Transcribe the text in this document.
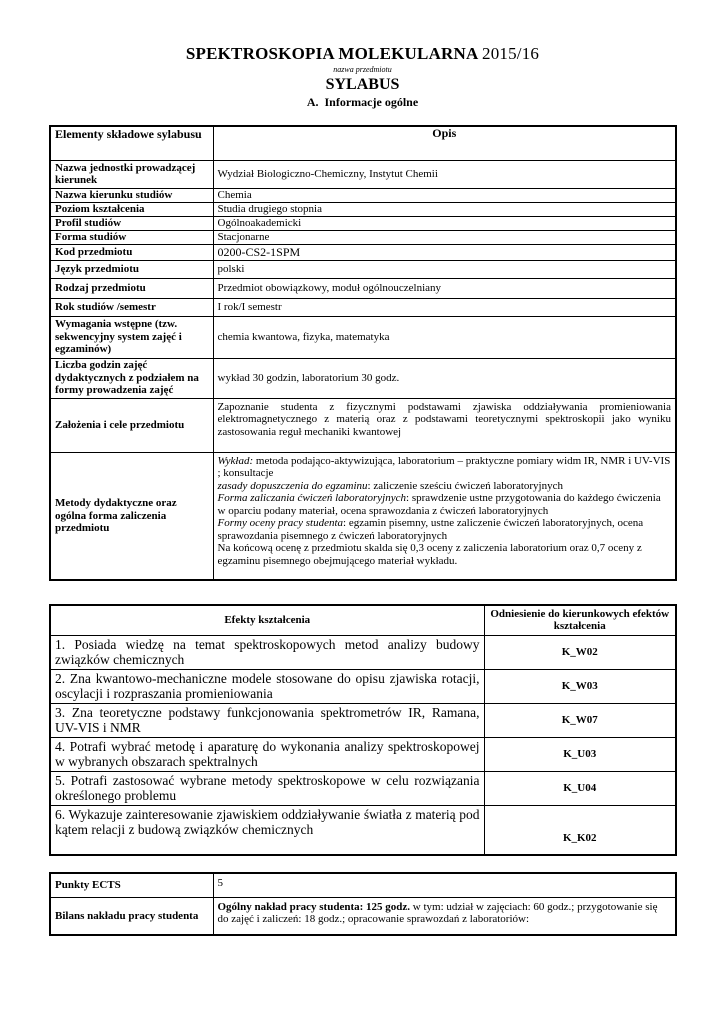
SPEKTROSKOPIA MOLEKULARNA 2015/16
nazwa przedmiotu
SYLABUS
A.  Informacje ogólne
Elementy składowe sylabusu	Opis
Nazwa jednostki prowadzącej kierunek	Wydział Biologiczno-Chemiczny, Instytut Chemii
Nazwa kierunku studiów	Chemia
Poziom kształcenia	Studia drugiego stopnia
Profil studiów	Ogólnoakademicki
Forma studiów	Stacjonarne
Kod przedmiotu	0200-CS2-1SPM
Język przedmiotu	polski
Rodzaj przedmiotu	Przedmiot obowiązkowy, moduł ogólnouczelniany
Rok studiów /semestr	I rok/I semestr
Wymagania wstępne (tzw. sekwencyjny system zajęć i egzaminów)	chemia kwantowa, fizyka, matematyka
Liczba godzin zajęć dydaktycznych z podziałem na formy prowadzenia zajęć	wykład 30 godzin, laboratorium 30 godz.
Założenia i cele przedmiotu	Zapoznanie studenta z fizycznymi podstawami zjawiska oddziaływania promieniowania elektromagnetycznego z materią oraz z podstawami teoretycznymi spektroskopii jako wyniku zastosowania reguł mechaniki kwantowej
Metody dydaktyczne oraz ogólna forma zaliczenia przedmiotu	Wykład: metoda podająco-aktywizująca, laboratorium – praktyczne pomiary widm IR, NMR i UV-VIS ; konsultacje
zasady dopuszczenia do egzaminu: zaliczenie sześciu ćwiczeń laboratoryjnych
Forma zaliczania ćwiczeń laboratoryjnych: sprawdzenie ustne przygotowania do każdego ćwiczenia w oparciu podany materiał, ocena sprawozdania z ćwiczeń laboratoryjnych
Formy oceny pracy studenta: egzamin pisemny, ustne zaliczenie ćwiczeń laboratoryjnych, ocena sprawozdania pisemnego z ćwiczeń laboratoryjnych
Na końcową ocenę z przedmiotu skalda się 0,3 oceny z zaliczenia laboratorium oraz 0,7 oceny z egzaminu pisemnego obejmującego materiał wykładu.
Efekty kształcenia	Odniesienie do kierunkowych efektów kształcenia
1. Posiada wiedzę na temat spektroskopowych metod analizy budowy związków chemicznych	K_W02
2. Zna kwantowo-mechaniczne modele stosowane do opisu zjawiska rotacji, oscylacji i rozpraszania promieniowania	K_W03
3. Zna teoretyczne podstawy funkcjonowania spektrometrów IR, Ramana, UV-VIS i NMR	K_W07
4. Potrafi wybrać metodę i aparaturę do wykonania analizy spektroskopowej w wybranych obszarach spektralnych	K_U03
5. Potrafi zastosować wybrane metody spektroskopowe w celu rozwiązania określonego problemu	K_U04
6. Wykazuje zainteresowanie zjawiskiem oddziaływanie światła z materią pod kątem relacji z budową związków chemicznych	K_K02
Punkty ECTS	5
Bilans nakładu pracy studenta	Ogólny nakład pracy studenta: 125 godz. w tym: udział w zajęciach: 60 godz.; przygotowanie się do zajęć i zaliczeń: 18 godz.; opracowanie sprawozdań z laboratoriów:
